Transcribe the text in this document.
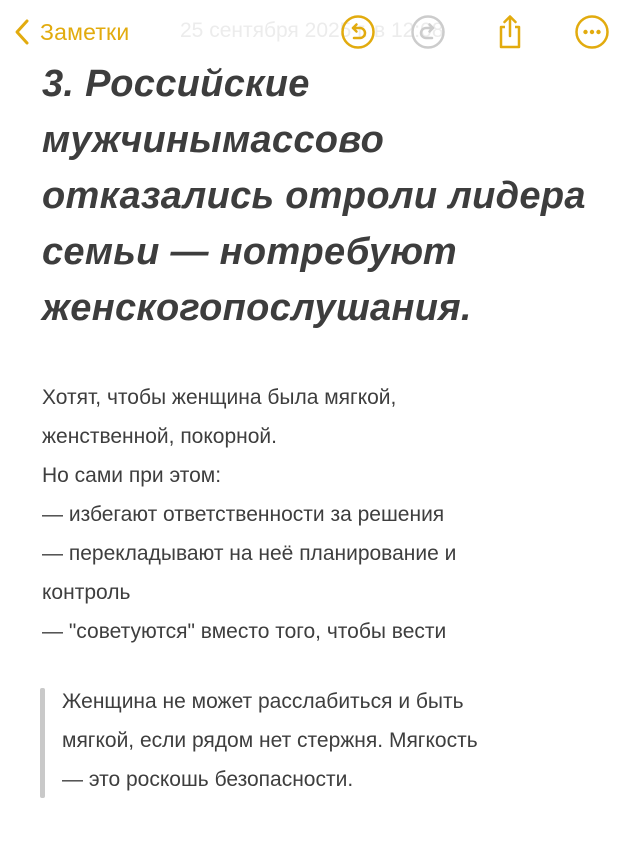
Заметки 25 сентября 2025 г. в 12:08
3. Российские мужчинымассово отказались отроли лидера семьи — нотребуют женскогопослушания.
Хотят, чтобы женщина была мягкой,
женственной, покорной.
Но сами при этом:
— избегают ответственности за решения
— перекладывают на неё планирование и
контроль
— "советуются" вместо того, чтобы вести
Женщина не может расслабиться и быть
мягкой, если рядом нет стержня. Мягкость
— это роскошь безопасности.
